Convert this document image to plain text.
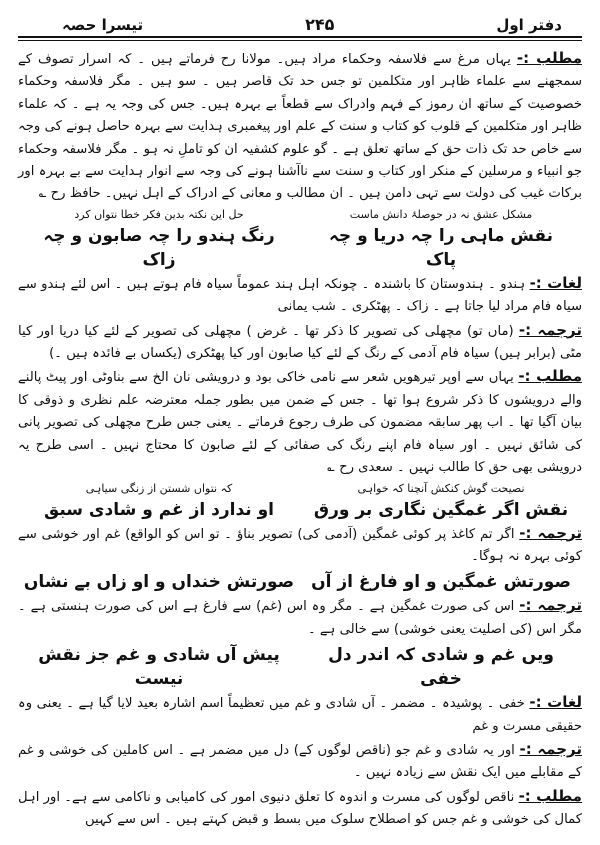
دفتر اول
۲۴۵
تیسرا حصہ

مطلب :- یہاں مرغ سے فلاسفہ وحکماء مراد ہیں۔ مولانا رح فرماتے ہیں ۔ کہ اسرار تصوف کے سمجھنے سے علماء ظاہر اور متکلمین تو جس حد تک قاصر ہیں ۔ سو ہیں ۔ مگر فلاسفہ وحکماء خصوصیت کے ساتھ ان رموز کے فہم وادراک سے قطعاً بے بہرہ ہیں۔ جس کی وجہ یہ ہے ۔ کہ علماء ظاہر اور متکلمین کے قلوب کو کتاب و سنت کے علم اور پیغمبری ہدایت سے بہرہ حاصل ہونے کی وجہ سے خاص حد تک ذات حق کے ساتھ تعلق ہے ۔ گو علوم کشفیہ ان کو تاملِ نہ ہو ۔ مگر فلاسفہ وحکماء جو انبیاء و مرسلین کے منکر اور کتاب و سنت سے ناآشنا ہونے کی وجہ سے انوار ہدایت سے بے بہرہ اور برکات غیب کی دولت سے تہی دامن ہیں ۔ ان مطالب و معانی کے ادراک کے اہل نہیں۔ حافظ رح ؎

مشکل عشق نہ در حوصلۂ دانش ماست
حل این نکتہ بدین فکر خطا نتواں کرد
نقش ماہی را چہ دریا و چہ پاک
رنگ ہندو را چہ صابون و چہ زاک

لغات :- ہندو ۔ ہندوستان کا باشندہ ۔ چونکہ اہل ہند عموماً سیاہ فام ہوتے ہیں ۔ اس لئے ہندو سے سیاہ فام مراد لیا جاتا ہے ۔ زاک ۔ پھٹکری ۔ شب یمانی

ترجمہ :- (ماں تو) مچھلی کی تصویر کا ذکر تھا ۔ غرض ) مچھلی کی تصویر کے لئے کیا دریا اور کیا مٹی (برابر ہیں) سیاہ فام آدمی کے رنگ کے لئے کیا صابون اور کیا پھٹکری (یکساں بے فائدہ ہیں ۔)

مطلب :- یہاں سے اوپر تیرھویں شعر سے نامی خاکی بود و درویشی نان الخ سے بناوٹی اور پیٹ پالنے والے درویشوں کا ذکر شروع ہوا تھا ۔ جس کے ضمن میں بطور جملہ معترضہ علم نظری و ذوقی کا بیان آگیا تھا ۔ اب پھر سابقہ مضمون کی طرف رجوع فرماتے ۔ یعنی جس طرح مچھلی کی تصویر پانی کی شائق نہیں ۔ اور سیاہ فام اپنے رنگ کی صفائی کے لئے صابون کا محتاج نہیں ۔ اسی طرح یہ درویشی بھی حق کا طالب نہیں ۔ سعدی رح ؎

نصیحت گوش کنکش آنچنا کہ خواہی
کہ نتواں شستن از زنگی سیاہی
نقش اگر غمگین نگاری بر ورق
او ندارد از غم و شادی سبق

ترجمہ :- اگر تم کاغذ پر کوئی غمگین (آدمی کی) تصویر بناؤ ۔ تو اس کو الواقع) غم اور خوشی سے کوئی بہرہ نہ ہوگا۔

صورتش غمگین و او فارغ از آں
صورتش خنداں و او زاں بے نشاں

ترجمہ :- اس کی صورت غمگین ہے ۔ مگر وہ اس (غم) سے فارغ ہے اس کی صورت ہنستی ہے ۔ مگر اس (کی اصلیت یعنی خوشی) سے خالی ہے ۔

ویں غم و شادی کہ اندر دل خفی
پیش آں شادی و غم جز نقش نیست

لغات :- خفی ۔ پوشیدہ ۔ مضمر ۔ آں شادی و غم میں تعظیماً اسم اشارہ بعید لایا گیا ہے ۔ یعنی وہ حقیقی مسرت و غم

ترجمہ :- اور یہ شادی و غم جو (ناقص لوگوں کے) دل میں مضمر ہے ۔ اس کاملین کی خوشی و غم کے مقابلے میں ایک نقش سے زیادہ نہیں ۔

مطلب :- ناقص لوگوں کی مسرت و اندوہ کا تعلق دنیوی امور کی کامیابی و ناکامی سے ہے۔ اور اہل کمال کی خوشی و غم جس کو اصطلاح سلوک میں بسط و قبض کہتے ہیں ۔ اس سے کہیں
